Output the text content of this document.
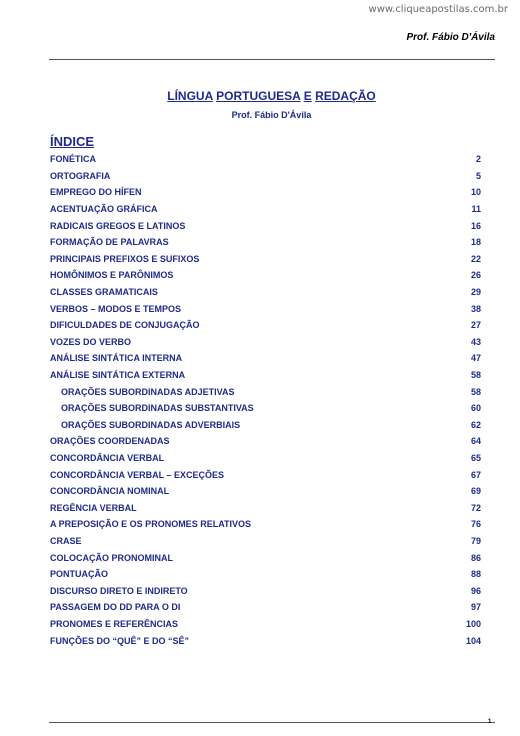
www.cliqueapostilas.com.br
Prof. Fábio D'Ávila
LÍNGUA PORTUGUESA E REDAÇÃO
Prof. Fábio D'Ávila
ÍNDICE
FONÉTICA	2
ORTOGRAFIA	5
EMPREGO DO HÍFEN	10
ACENTUAÇÃO GRÁFICA	11
RADICAIS GREGOS E LATINOS	16
FORMAÇÃO DE PALAVRAS	18
PRINCIPAIS PREFIXOS E SUFIXOS	22
HOMÔNIMOS E PARÔNIMOS	26
CLASSES GRAMATICAIS	29
VERBOS – MODOS E TEMPOS	38
DIFICULDADES DE CONJUGAÇÃO	27
VOZES DO VERBO	43
ANÁLISE SINTÁTICA INTERNA	47
ANÁLISE SINTÁTICA EXTERNA	58
ORAÇÕES SUBORDINADAS ADJETIVAS	58
ORAÇÕES SUBORDINADAS SUBSTANTIVAS	60
ORAÇÕES SUBORDINADAS ADVERBIAIS	62
ORAÇÕES COORDENADAS	64
CONCORDÂNCIA VERBAL	65
CONCORDÂNCIA VERBAL – EXCEÇÕES	67
CONCORDÂNCIA NOMINAL	69
REGÊNCIA VERBAL	72
A PREPOSIÇÃO E OS PRONOMES RELATIVOS	76
CRASE	79
COLOCAÇÃO PRONOMINAL	86
PONTUAÇÃO	88
DISCURSO DIRETO E INDIRETO	96
PASSAGEM DO DD PARA O DI	97
PRONOMES E REFERÊNCIAS	100
FUNÇÕES DO “QUÊ” E DO “SÊ”	104
1
